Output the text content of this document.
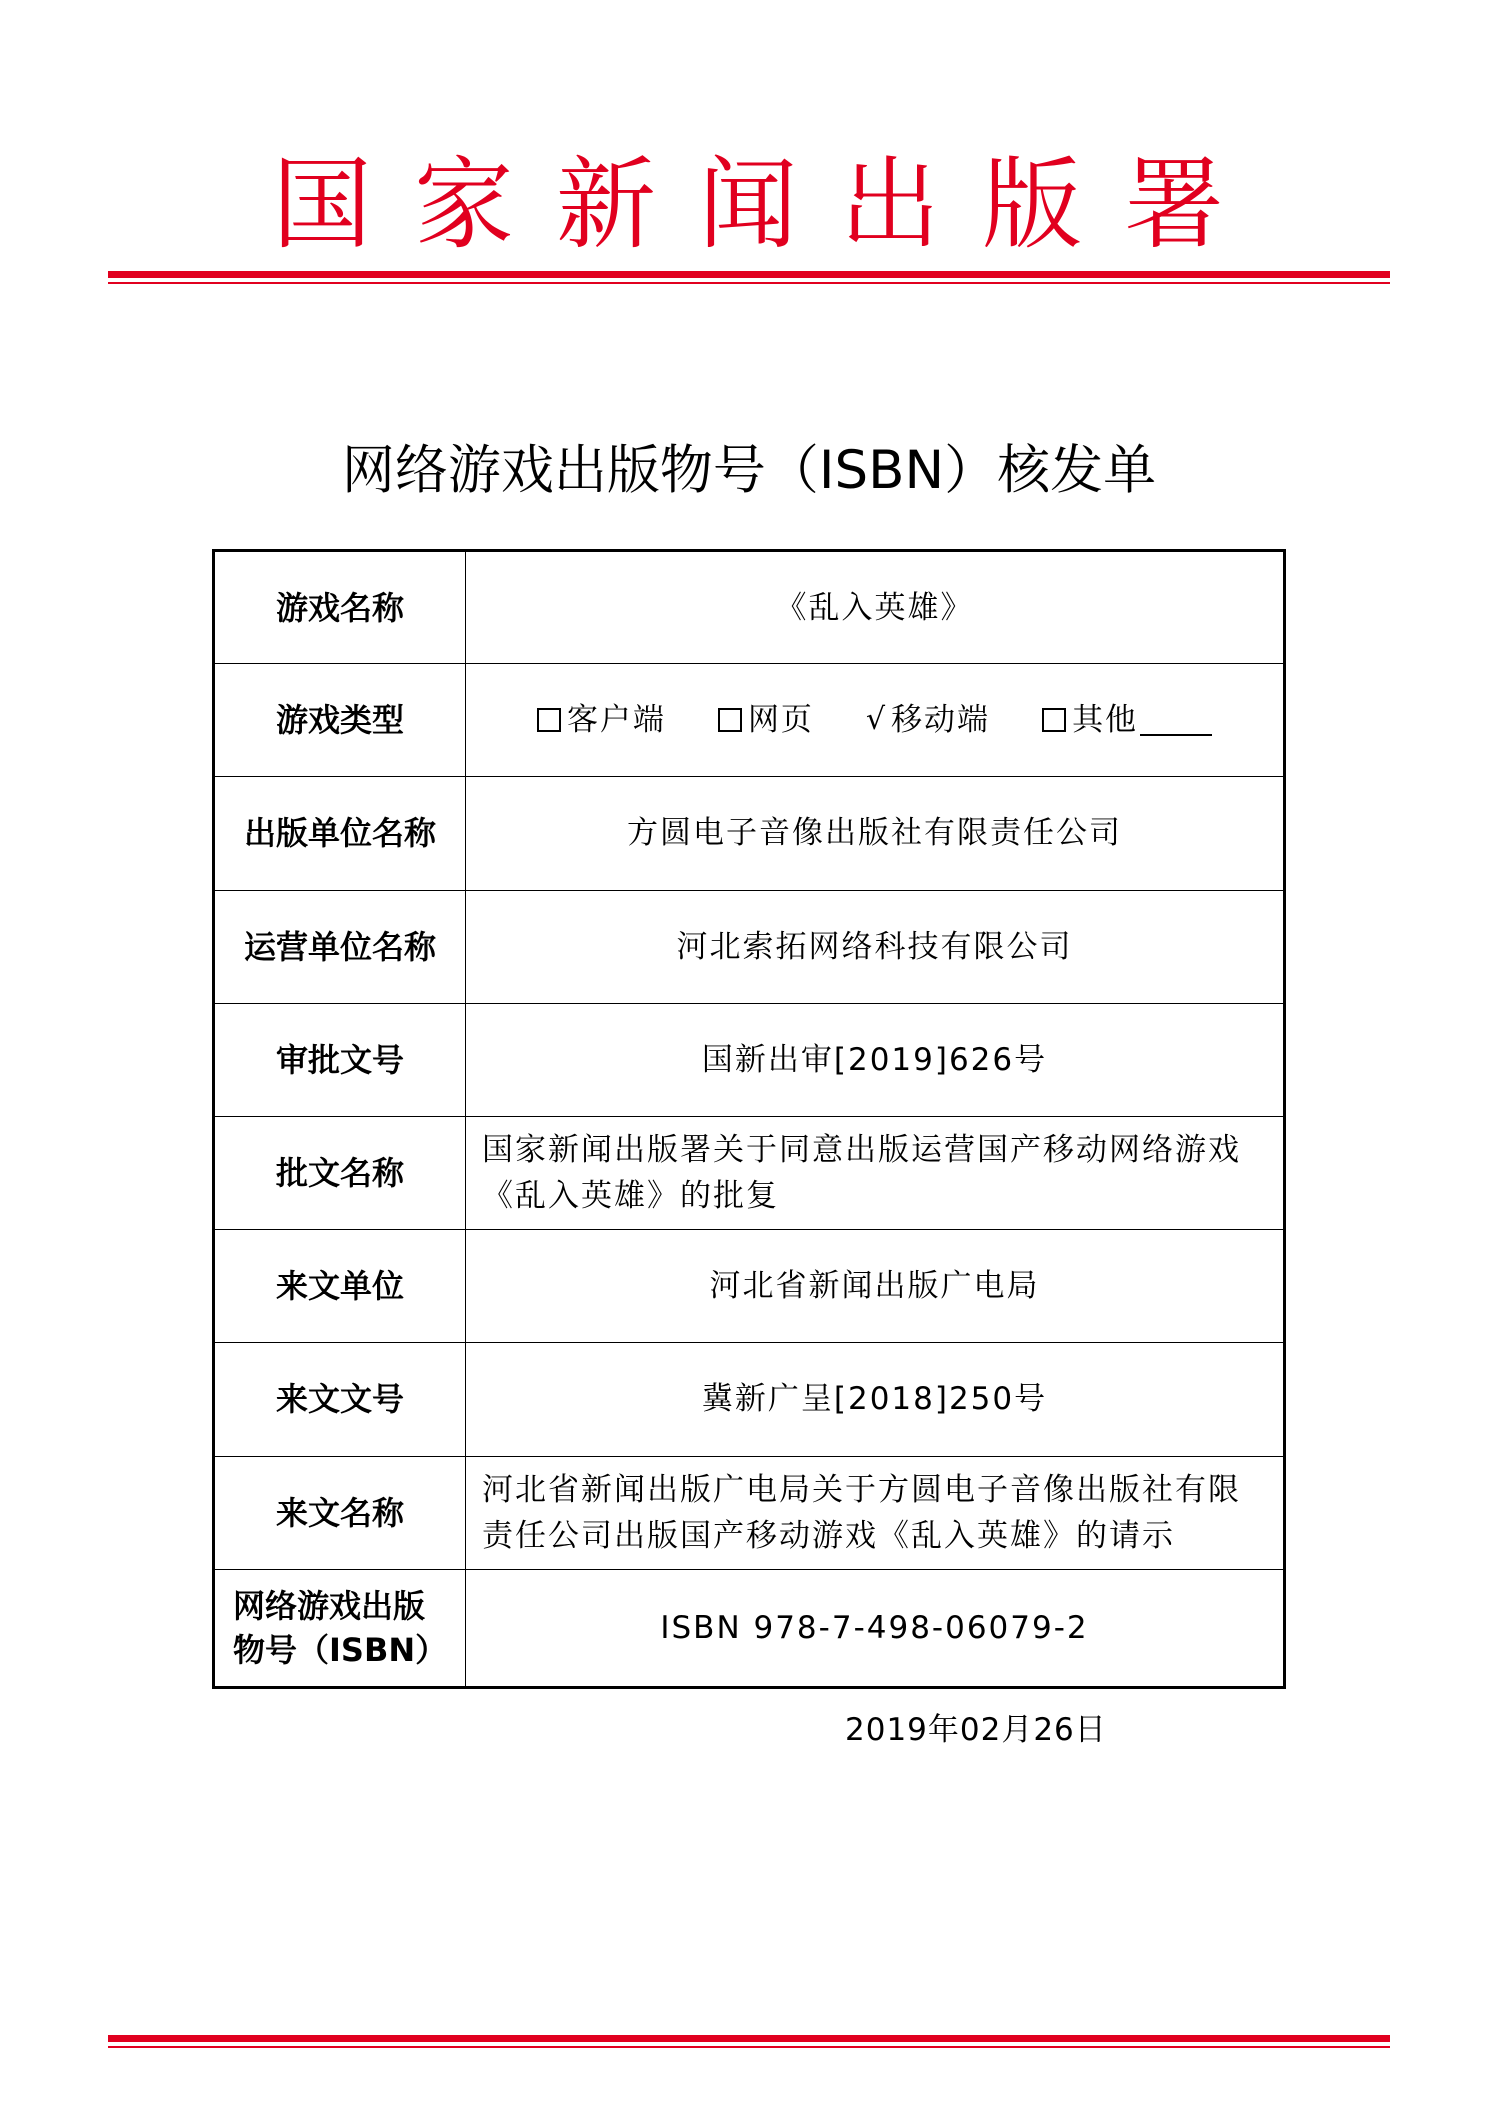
国家新闻出版署
网络游戏出版物号（ISBN）核发单
游戏名称	《乱入英雄》
游戏类型	客户端 网页 √ 移动端 其他

出版单位名称	方圆电子音像出版社有限责任公司
运营单位名称	河北索拓网络科技有限公司
审批文号	国新出审[2019]626号
批文名称	国家新闻出版署关于同意出版运营国产移动网络游戏《乱入英雄》的批复
来文单位	河北省新闻出版广电局
来文文号	冀新广呈[2018]250号
来文名称	河北省新闻出版广电局关于方圆电子音像出版社有限责任公司出版国产移动游戏《乱入英雄》的请示
网络游戏出版物号（ISBN）	ISBN 978-7-498-06079-2
2019年02月26日
